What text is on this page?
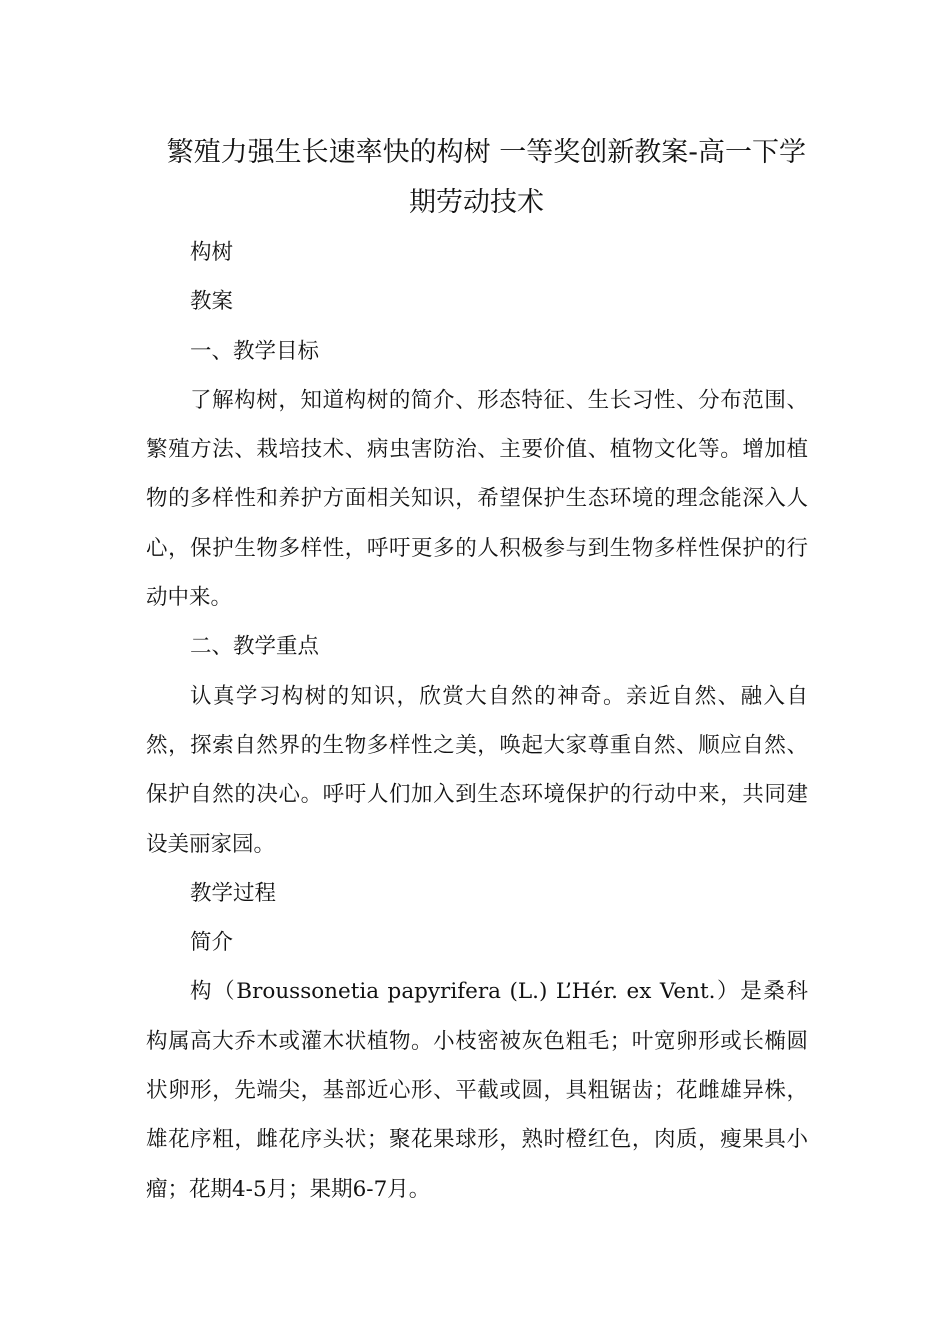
繁殖力强生长速率快的构树 一等奖创新教案-高一下学
期劳动技术

构树

教案

一、教学目标

了解构树，知道构树的简介、形态特征、生长习性、分布范围、繁殖方法、栽培技术、病虫害防治、主要价值、植物文化等。增加植物的多样性和养护方面相关知识，希望保护生态环境的理念能深入人心，保护生物多样性，呼吁更多的人积极参与到生物多样性保护的行动中来。

二、教学重点

认真学习构树的知识，欣赏大自然的神奇。亲近自然、融入自然，探索自然界的生物多样性之美，唤起大家尊重自然、顺应自然、保护自然的决心。呼吁人们加入到生态环境保护的行动中来，共同建设美丽家园。

教学过程

简介

构（Broussonetia papyrifera (L.) L’Hér. ex Vent.）是桑科构属高大乔木或灌木状植物。小枝密被灰色粗毛；叶宽卵形或长椭圆状卵形，先端尖，基部近心形、平截或圆，具粗锯齿；花雌雄异株，雄花序粗，雌花序头状；聚花果球形，熟时橙红色，肉质，瘦果具小瘤；花期4-5月；果期6-7月。
